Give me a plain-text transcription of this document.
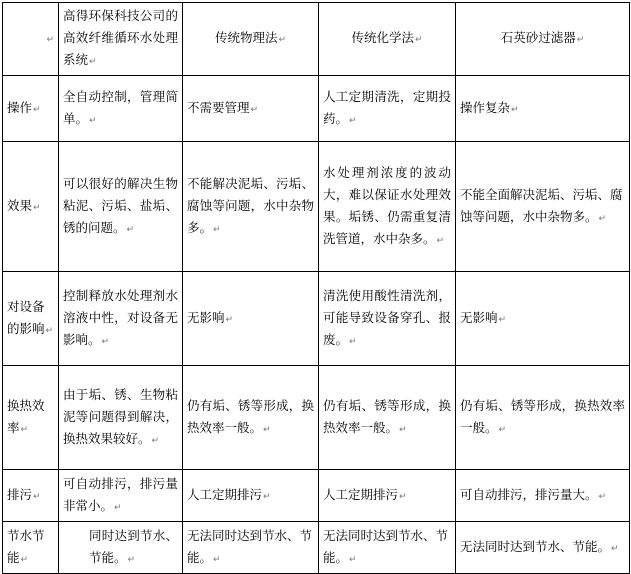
↵	高得环保科技公司的高效纤维循环水处理系统↵	传统物理法↵	传统化学法↵	石英砂过滤器↵
操作↵	全自动控制，管理简单。↵	不需要管理↵	人工定期清洗，定期投药。↵	操作复杂↵
效果↵	可以很好的解决生物粘泥、污垢、盐垢、锈的问题。↵	不能解决泥垢、污垢、腐蚀等问题，水中杂物多。↵	水处理剂浓度的波动大，难以保证水处理效果。垢锈、仍需重复清洗管道，水中杂多。↵	不能全面解决泥垢、污垢、腐蚀等问题，水中杂物多。↵
对设备的影响↵	控制释放水处理剂水溶液中性，对设备无影响。↵	无影响↵	清洗使用酸性清洗剂，可能导致设备穿孔、报废。↵	无影响↵
换热效率↵	由于垢、锈、生物粘泥等问题得到解决，换热效果较好。↵	仍有垢、锈等形成，换热效率一般。↵	仍有垢、锈等形成，换热效率一般。↵	仍有垢、锈等形成，换热效率一般。↵
排污↵	可自动排污，排污量非常小。↵	人工定期排污↵	人工定期排污↵	可自动排污，排污量大。↵
节水节能↵	同时达到节水、节能。↵	无法同时达到节水、节能。↵	无法同时达到节水、节能。↵	无法同时达到节水、节能。↵
